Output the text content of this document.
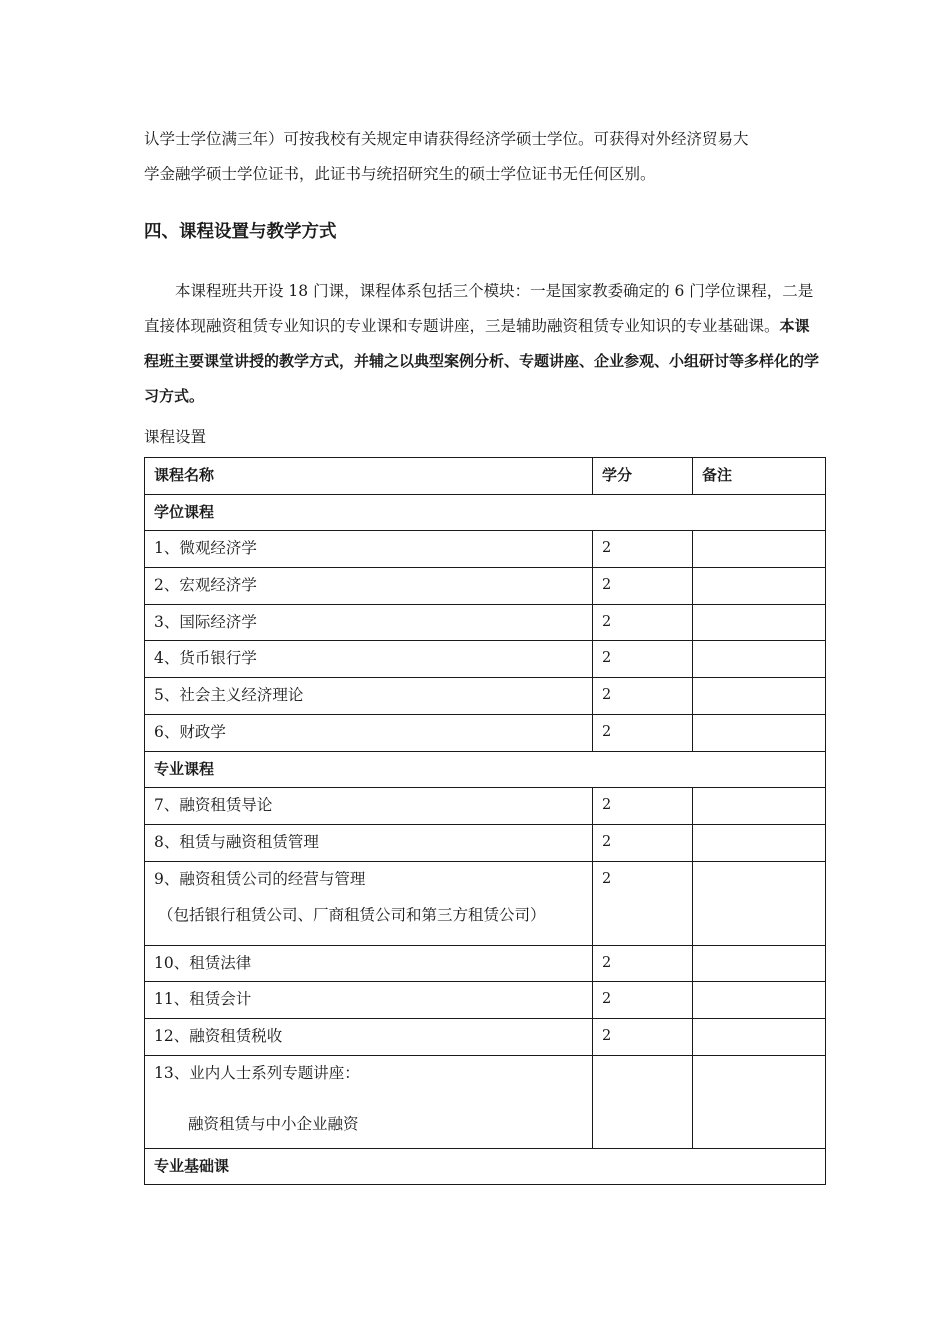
认学士学位满三年）可按我校有关规定申请获得经济学硕士学位。可获得对外经济贸易大

学金融学硕士学位证书，此证书与统招研究生的硕士学位证书无任何区别。

四、课程设置与教学方式

本课程班共开设 18 门课，课程体系包括三个模块：一是国家教委确定的 6 门学位课程，二是直接体现融资租赁专业知识的专业课和专题讲座，三是辅助融资租赁专业知识的专业基础课。本课程班主要课堂讲授的教学方式，并辅之以典型案例分析、专题讲座、企业参观、小组研讨等多样化的学习方式。

课程设置

课程名称	学分	备注
学位课程		
1、微观经济学	2	
2、宏观经济学	2	
3、国际经济学	2	
4、货币银行学	2	
5、社会主义经济理论	2	
6、财政学	2	
专业课程		
7、融资租赁导论	2	
8、租赁与融资租赁管理	2	
9、融资租赁公司的经营与管理
（包括银行租赁公司、厂商租赁公司和第三方租赁公司）	2	
10、租赁法律	2	
11、租赁会计	2	
12、融资租赁税收	2	
13、业内人士系列专题讲座：
融资租赁与中小企业融资		

专业基础课		
